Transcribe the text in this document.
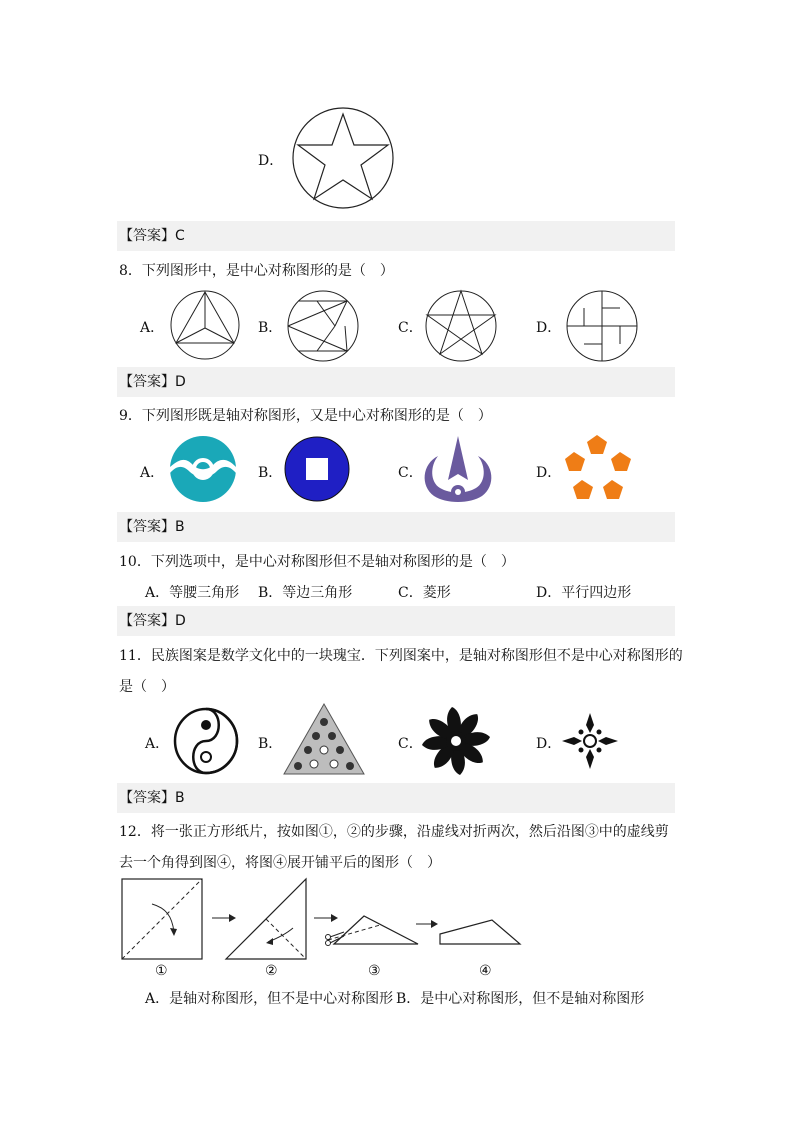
D．
【答案】C
8．下列图形中，是中心对称图形的是（　）
A．	B．	C．	D．
【答案】D
9．下列图形既是轴对称图形，又是中心对称图形的是（　）
A．	B．	C．	D．
【答案】B
10．下列选项中，是中心对称图形但不是轴对称图形的是（　）
A．等腰三角形 B．等边三角形	C．菱形	D．平行四边形
【答案】D
11．民族图案是数学文化中的一块瑰宝．下列图案中，是轴对称图形但不是中心对称图形的
是（　）
A．	B．	C．	D．
【答案】B
12．将一张正方形纸片，按如图①，②的步骤，沿虚线对折两次，然后沿图③中的虚线剪
去一个角得到图④，将图④展开铺平后的图形（　）
①	②	③	④
A．是轴对称图形，但不是中心对称图形 B．是中心对称图形，但不是轴对称图形
